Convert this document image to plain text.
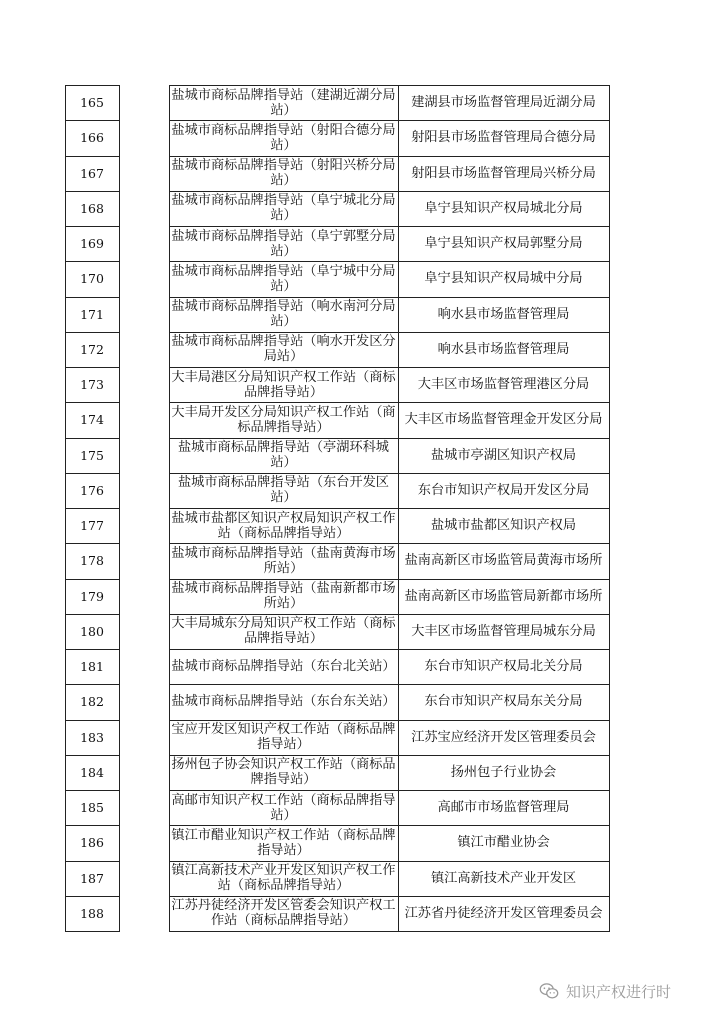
165	盐城市商标品牌指导站（建湖近湖分局站）	建湖县市场监督管理局近湖分局
166	盐城市商标品牌指导站（射阳合德分局站）	射阳县市场监督管理局合德分局
167	盐城市商标品牌指导站（射阳兴桥分局站）	射阳县市场监督管理局兴桥分局
168	盐城市商标品牌指导站（阜宁城北分局站）	阜宁县知识产权局城北分局
169	盐城市商标品牌指导站（阜宁郭墅分局站）	阜宁县知识产权局郭墅分局
170	盐城市商标品牌指导站（阜宁城中分局站）	阜宁县知识产权局城中分局
171	盐城市商标品牌指导站（响水南河分局站）	响水县市场监督管理局
172	盐城市商标品牌指导站（响水开发区分局站）	响水县市场监督管理局
173	大丰局港区分局知识产权工作站（商标品牌指导站）	大丰区市场监督管理港区分局
174	大丰局开发区分局知识产权工作站（商标品牌指导站）	大丰区市场监督管理金开发区分局
175	盐城市商标品牌指导站（亭湖环科城站）	盐城市亭湖区知识产权局
176	盐城市商标品牌指导站（东台开发区站）	东台市知识产权局开发区分局
177	盐城市盐都区知识产权局知识产权工作站（商标品牌指导站）	盐城市盐都区知识产权局
178	盐城市商标品牌指导站（盐南黄海市场所站）	盐南高新区市场监管局黄海市场所
179	盐城市商标品牌指导站（盐南新都市场所站）	盐南高新区市场监管局新都市场所
180	大丰局城东分局知识产权工作站（商标品牌指导站）	大丰区市场监督管理局城东分局
181	盐城市商标品牌指导站（东台北关站）	东台市知识产权局北关分局
182	盐城市商标品牌指导站（东台东关站）	东台市知识产权局东关分局
183	宝应开发区知识产权工作站（商标品牌指导站）	江苏宝应经济开发区管理委员会
184	扬州包子协会知识产权工作站（商标品牌指导站）	扬州包子行业协会
185	高邮市知识产权工作站（商标品牌指导站）	高邮市市场监督管理局
186	镇江市醋业知识产权工作站（商标品牌指导站）	镇江市醋业协会
187	镇江高新技术产业开发区知识产权工作站（商标品牌指导站）	镇江高新技术产业开发区
188	江苏丹徒经济开发区管委会知识产权工作站（商标品牌指导站）	江苏省丹徒经济开发区管理委员会
知识产权进行时
